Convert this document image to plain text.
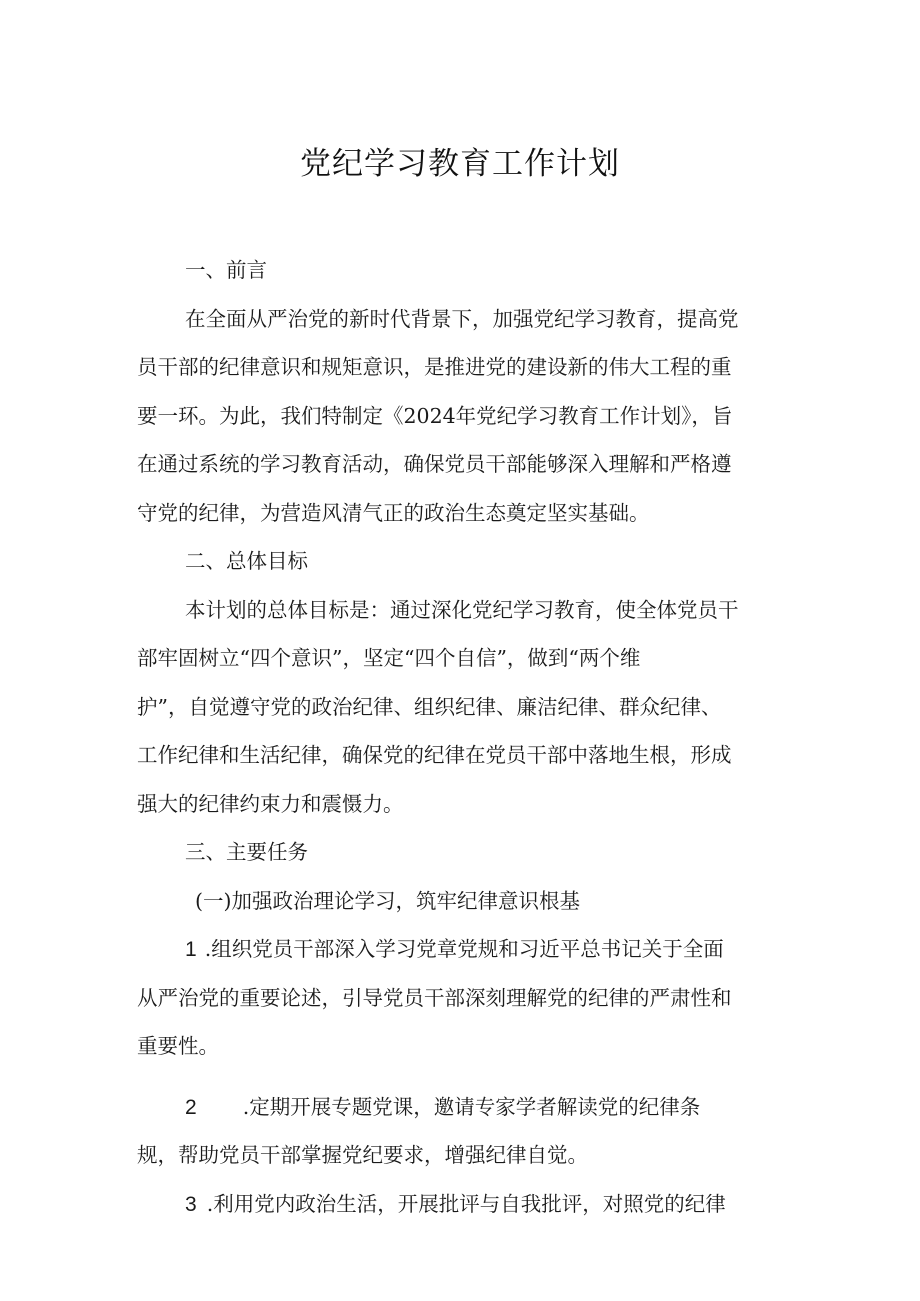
党纪学习教育工作计划
一、前言
在全面从严治党的新时代背景下，加强党纪学习教育，提高党
员干部的纪律意识和规矩意识，是推进党的建设新的伟大工程的重
要一环。为此，我们特制定《2024年党纪学习教育工作计划》，旨
在通过系统的学习教育活动，确保党员干部能够深入理解和严格遵
守党的纪律，为营造风清气正的政治生态奠定坚实基础。
二、总体目标
本计划的总体目标是：通过深化党纪学习教育，使全体党员干
部牢固树立“四个意识”，坚定“四个自信”，做到“两个维
护”，自觉遵守党的政治纪律、组织纪律、廉洁纪律、群众纪律、
工作纪律和生活纪律，确保党的纪律在党员干部中落地生根，形成
强大的纪律约束力和震慑力。
三、主要任务
(一)加强政治理论学习，筑牢纪律意识根基
1 .组织党员干部深入学习党章党规和习近平总书记关于全面
从严治党的重要论述，引导党员干部深刻理解党的纪律的严肃性和
重要性。
2 .定期开展专题党课，邀请专家学者解读党的纪律条
规，帮助党员干部掌握党纪要求，增强纪律自觉。
3 .利用党内政治生活，开展批评与自我批评，对照党的纪律
